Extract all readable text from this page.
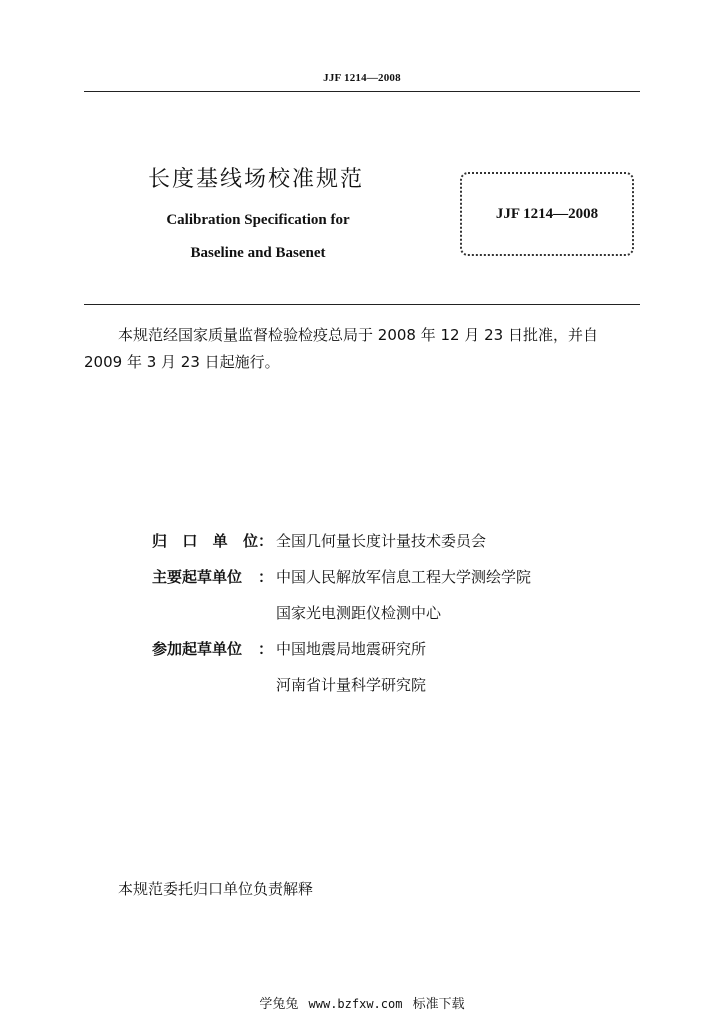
JJF 1214—2008
长度基线场校准规范
Calibration Specification for
Baseline and Basenet
JJF 1214—2008
本规范经国家质量监督检验检疫总局于 2008 年 12 月 23 日批准，并自
2009 年 3 月 23 日起施行。
归 口 单 位 ： 全国几何量长度计量技术委员会
主要起草单位	： 中国人民解放军信息工程大学测绘学院
国家光电测距仪检测中心
参加起草单位	： 中国地震局地震研究所
河南省计量科学研究院
本规范委托归口单位负责解释
学兔兔 www.bzfxw.com 标准下载
